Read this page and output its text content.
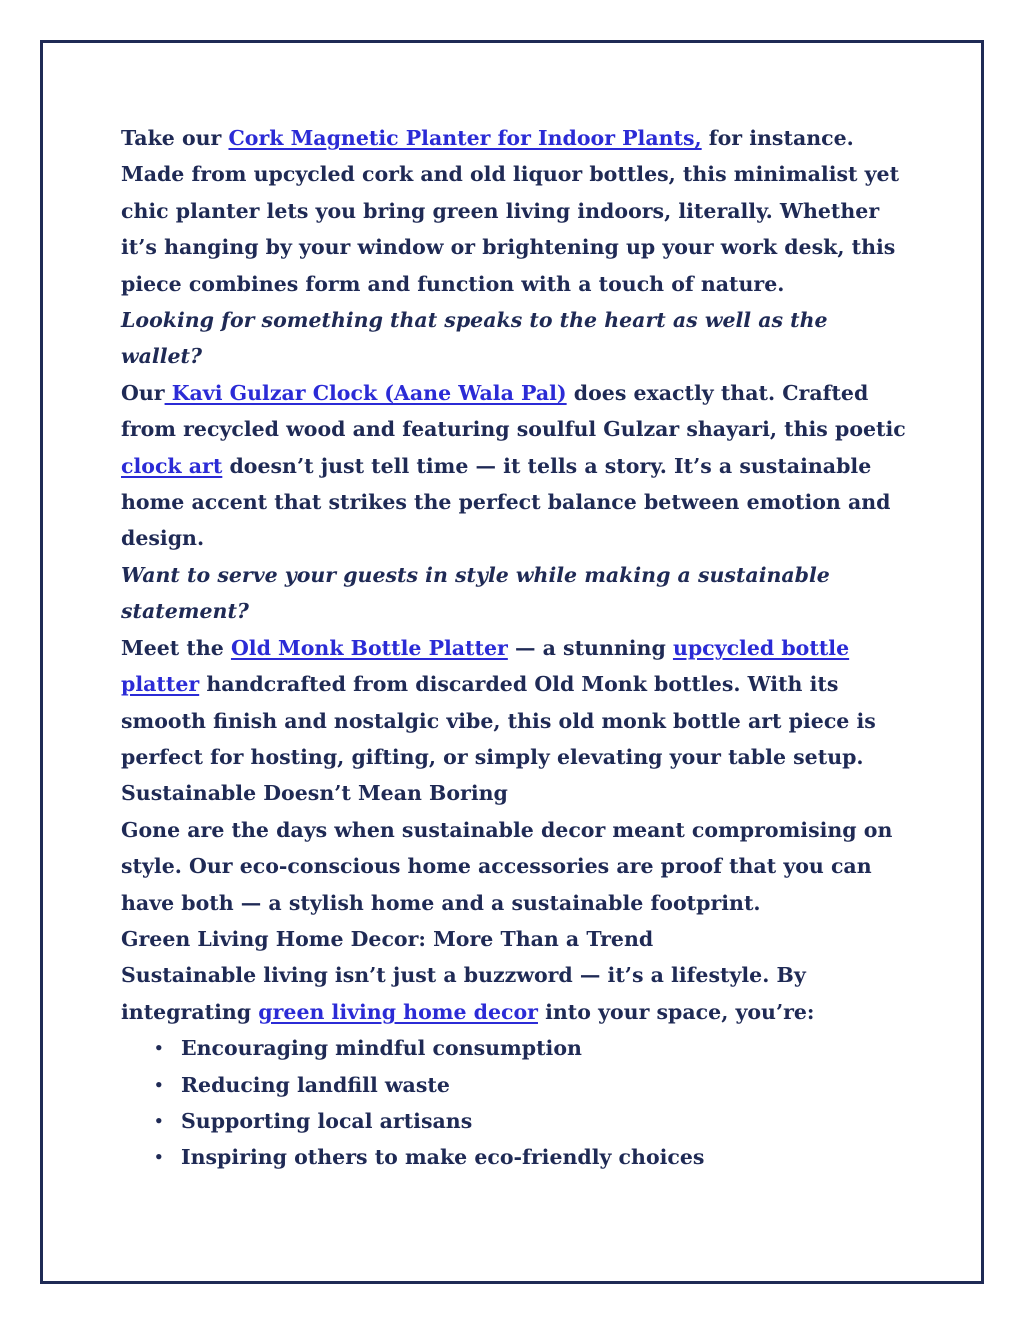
Take our Cork Magnetic Planter for Indoor Plants, for instance. Made from upcycled cork and old liquor bottles, this minimalist yet chic planter lets you bring green living indoors, literally. Whether it’s hanging by your window or brightening up your work desk, this piece combines form and function with a touch of nature.

Looking for something that speaks to the heart as well as the wallet?

Our Kavi Gulzar Clock (Aane Wala Pal) does exactly that. Crafted from recycled wood and featuring soulful Gulzar shayari, this poetic clock art doesn’t just tell time — it tells a story. It’s a sustainable home accent that strikes the perfect balance between emotion and design.

Want to serve your guests in style while making a sustainable statement?

Meet the Old Monk Bottle Platter — a stunning upcycled bottle platter handcrafted from discarded Old Monk bottles. With its smooth finish and nostalgic vibe, this old monk bottle art piece is perfect for hosting, gifting, or simply elevating your table setup.

Sustainable Doesn’t Mean Boring

Gone are the days when sustainable decor meant compromising on style. Our eco-conscious home accessories are proof that you can have both — a stylish home and a sustainable footprint.

Green Living Home Decor: More Than a Trend

Sustainable living isn’t just a buzzword — it’s a lifestyle. By integrating green living home decor into your space, you’re:

• Encouraging mindful consumption
• Reducing landfill waste
• Supporting local artisans
• Inspiring others to make eco-friendly choices
